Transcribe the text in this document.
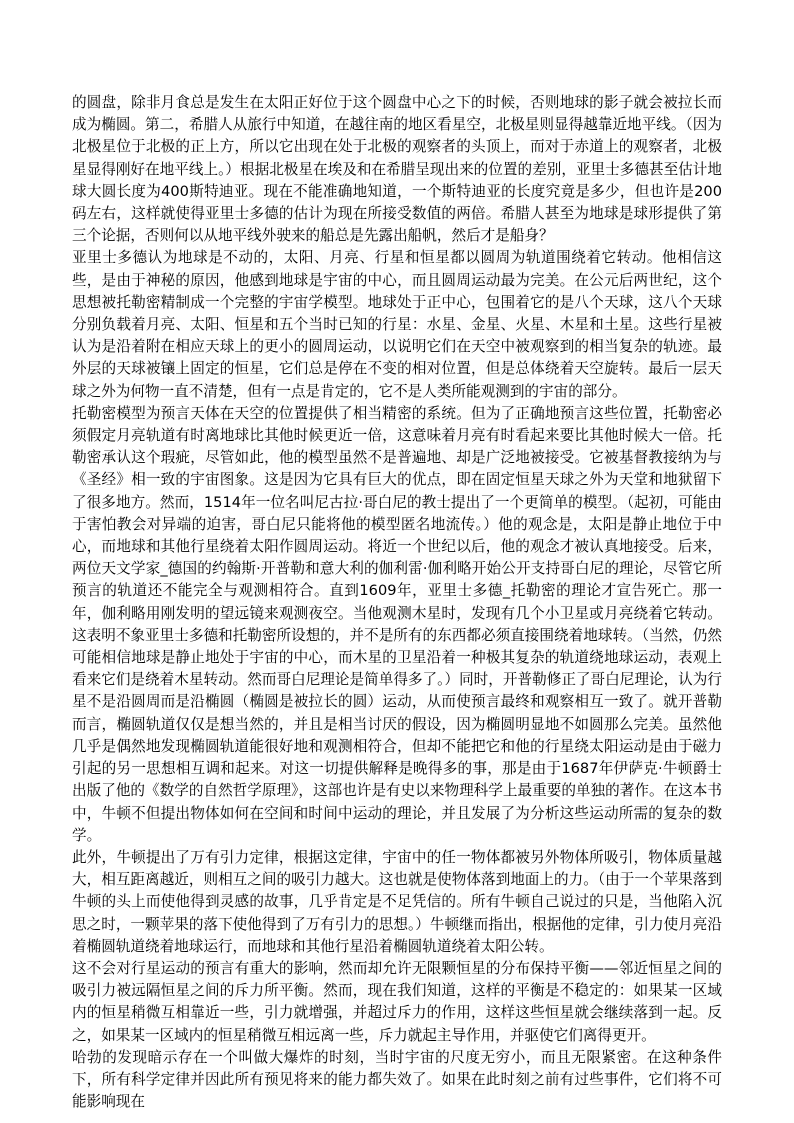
的圆盘，除非月食总是发生在太阳正好位于这个圆盘中心之下的时候，否则地球的影子就会被拉长而成为椭圆。第二，希腊人从旅行中知道，在越往南的地区看星空，北极星则显得越靠近地平线。（因为北极星位于北极的正上方，所以它出现在处于北极的观察者的头顶上，而对于赤道上的观察者，北极星显得刚好在地平线上。）根据北极星在埃及和在希腊呈现出来的位置的差别，亚里士多德甚至估计地球大圆长度为400斯特迪亚。现在不能准确地知道，一个斯特迪亚的长度究竟是多少，但也许是200码左右，这样就使得亚里士多德的估计为现在所接受数值的两倍。希腊人甚至为地球是球形提供了第三个论据，否则何以从地平线外驶来的船总是先露出船帆，然后才是船身？

亚里士多德认为地球是不动的，太阳、月亮、行星和恒星都以圆周为轨道围绕着它转动。他相信这些，是由于神秘的原因，他感到地球是宇宙的中心，而且圆周运动最为完美。在公元后两世纪，这个思想被托勒密精制成一个完整的宇宙学模型。地球处于正中心，包围着它的是八个天球，这八个天球分别负载着月亮、太阳、恒星和五个当时已知的行星：水星、金星、火星、木星和土星。这些行星被认为是沿着附在相应天球上的更小的圆周运动，以说明它们在天空中被观察到的相当复杂的轨迹。最外层的天球被镶上固定的恒星，它们总是停在不变的相对位置，但是总体绕着天空旋转。最后一层天球之外为何物一直不清楚，但有一点是肯定的，它不是人类所能观测到的宇宙的部分。

托勒密模型为预言天体在天空的位置提供了相当精密的系统。但为了正确地预言这些位置，托勒密必须假定月亮轨道有时离地球比其他时候更近一倍，这意味着月亮有时看起来要比其他时候大一倍。托勒密承认这个瑕疵，尽管如此，他的模型虽然不是普遍地、却是广泛地被接受。它被基督教接纳为与《圣经》相一致的宇宙图象。这是因为它具有巨大的优点，即在固定恒星天球之外为天堂和地狱留下了很多地方。然而，1514年一位名叫尼古拉·哥白尼的教士提出了一个更简单的模型。（起初，可能由于害怕教会对异端的迫害，哥白尼只能将他的模型匿名地流传。）他的观念是，太阳是静止地位于中心，而地球和其他行星绕着太阳作圆周运动。将近一个世纪以后，他的观念才被认真地接受。后来，两位天文学家_德国的约翰斯·开普勒和意大利的伽利雷·伽利略开始公开支持哥白尼的理论，尽管它所预言的轨道还不能完全与观测相符合。直到1609年，亚里士多德_托勒密的理论才宣告死亡。那一年，伽利略用刚发明的望远镜来观测夜空。当他观测木星时，发现有几个小卫星或月亮绕着它转动。这表明不象亚里士多德和托勒密所设想的，并不是所有的东西都必须直接围绕着地球转。（当然，仍然可能相信地球是静止地处于宇宙的中心，而木星的卫星沿着一种极其复杂的轨道绕地球运动，表观上看来它们是绕着木星转动。然而哥白尼理论是简单得多了。）同时，开普勒修正了哥白尼理论，认为行星不是沿圆周而是沿椭圆（椭圆是被拉长的圆）运动，从而使预言最终和观察相互一致了。就开普勒而言，椭圆轨道仅仅是想当然的，并且是相当讨厌的假设，因为椭圆明显地不如圆那么完美。虽然他几乎是偶然地发现椭圆轨道能很好地和观测相符合，但却不能把它和他的行星绕太阳运动是由于磁力引起的另一思想相互调和起来。对这一切提供解释是晚得多的事，那是由于1687年伊萨克·牛顿爵士出版了他的《数学的自然哲学原理》，这部也许是有史以来物理科学上最重要的单独的著作。在这本书中，牛顿不但提出物体如何在空间和时间中运动的理论，并且发展了为分析这些运动所需的复杂的数学。

此外，牛顿提出了万有引力定律，根据这定律，宇宙中的任一物体都被另外物体所吸引，物体质量越大，相互距离越近，则相互之间的吸引力越大。这也就是使物体落到地面上的力。（由于一个苹果落到牛顿的头上而使他得到灵感的故事，几乎肯定是不足凭信的。所有牛顿自己说过的只是，当他陷入沉思之时，一颗苹果的落下使他得到了万有引力的思想。）牛顿继而指出，根据他的定律，引力使月亮沿着椭圆轨道绕着地球运行，而地球和其他行星沿着椭圆轨道绕着太阳公转。

这不会对行星运动的预言有重大的影响，然而却允许无限颗恒星的分布保持平衡——邻近恒星之间的吸引力被远隔恒星之间的斥力所平衡。然而，现在我们知道，这样的平衡是不稳定的：如果某一区域内的恒星稍微互相靠近一些，引力就增强，并超过斥力的作用，这样这些恒星就会继续落到一起。反之，如果某一区域内的恒星稍微互相远离一些，斥力就起主导作用，并驱使它们离得更开。

哈勃的发现暗示存在一个叫做大爆炸的时刻，当时宇宙的尺度无穷小，而且无限紧密。在这种条件下，所有科学定律并因此所有预见将来的能力都失效了。如果在此时刻之前有过些事件，它们将不可能影响现在
